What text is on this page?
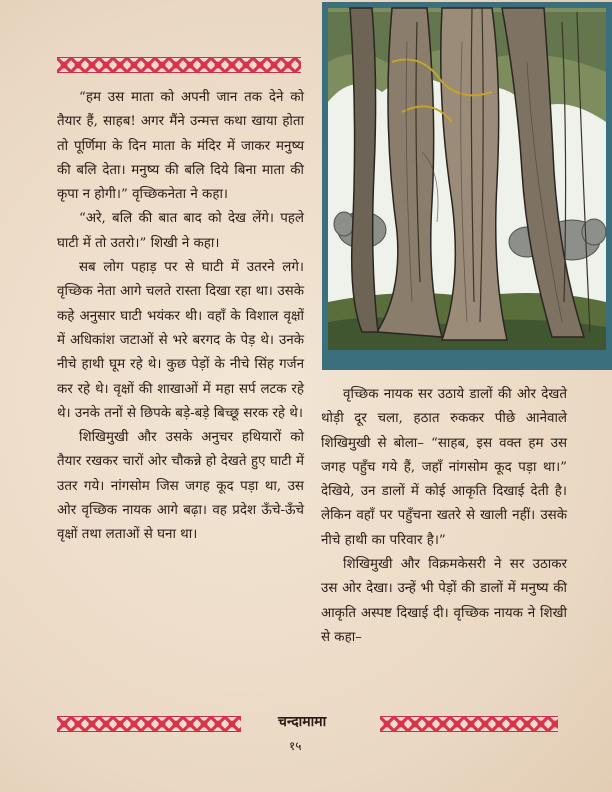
“हम उस माता को अपनी जान तक देने को तैयार हैं, साहब! अगर मैंने उन्मत्त कथा खाया होता तो पूर्णिमा के दिन माता के मंदिर में जाकर मनुष्य की बलि देता। मनुष्य की बलि दिये बिना माता की कृपा न होगी।” वृच्छिकनेता ने कहा।

“अरे, बलि की बात बाद को देख लेंगे। पहले घाटी में तो उतरो।” शिखी ने कहा।

सब लोग पहाड़ पर से घाटी में उतरने लगे। वृच्छिक नेता आगे चलते रास्ता दिखा रहा था। उसके कहे अनुसार घाटी भयंकर थी। वहाँ के विशाल वृक्षों में अधिकांश जटाओं से भरे बरगद के पेड़ थे। उनके नीचे हाथी घूम रहे थे। कुछ पेड़ों के नीचे सिंह गर्जन कर रहे थे। वृक्षों की शाखाओं में महा सर्प लटक रहे थे। उनके तनों से छिपके बड़े-बड़े बिच्छू सरक रहे थे।

शिखिमुखी और उसके अनुचर हथियारों को तैयार रखकर चारों ओर चौकन्ने हो देखते हुए घाटी में उतर गये। नांगसोम जिस जगह कूद पड़ा था, उस ओर वृच्छिक नायक आगे बढ़ा। वह प्रदेश ऊँचे-ऊँचे वृक्षों तथा लताओं से घना था।

वृच्छिक नायक सर उठाये डालों की ओर देखते थोड़ी दूर चला, हठात रुककर पीछे आनेवाले शिखिमुखी से बोला– “साहब, इस वक्त हम उस जगह पहुँच गये हैं, जहाँ नांगसोम कूद पड़ा था।” देखिये, उन डालों में कोई आकृति दिखाई देती है। लेकिन वहाँ पर पहुँचना खतरे से खाली नहीं। उसके नीचे हाथी का परिवार है।”

शिखिमुखी और विक्रमकेसरी ने सर उठाकर उस ओर देखा। उन्हें भी पेड़ों की डालों में मनुष्य की आकृति अस्पष्ट दिखाई दी। वृच्छिक नायक ने शिखी से कहा–

चन्दामामा
१५
